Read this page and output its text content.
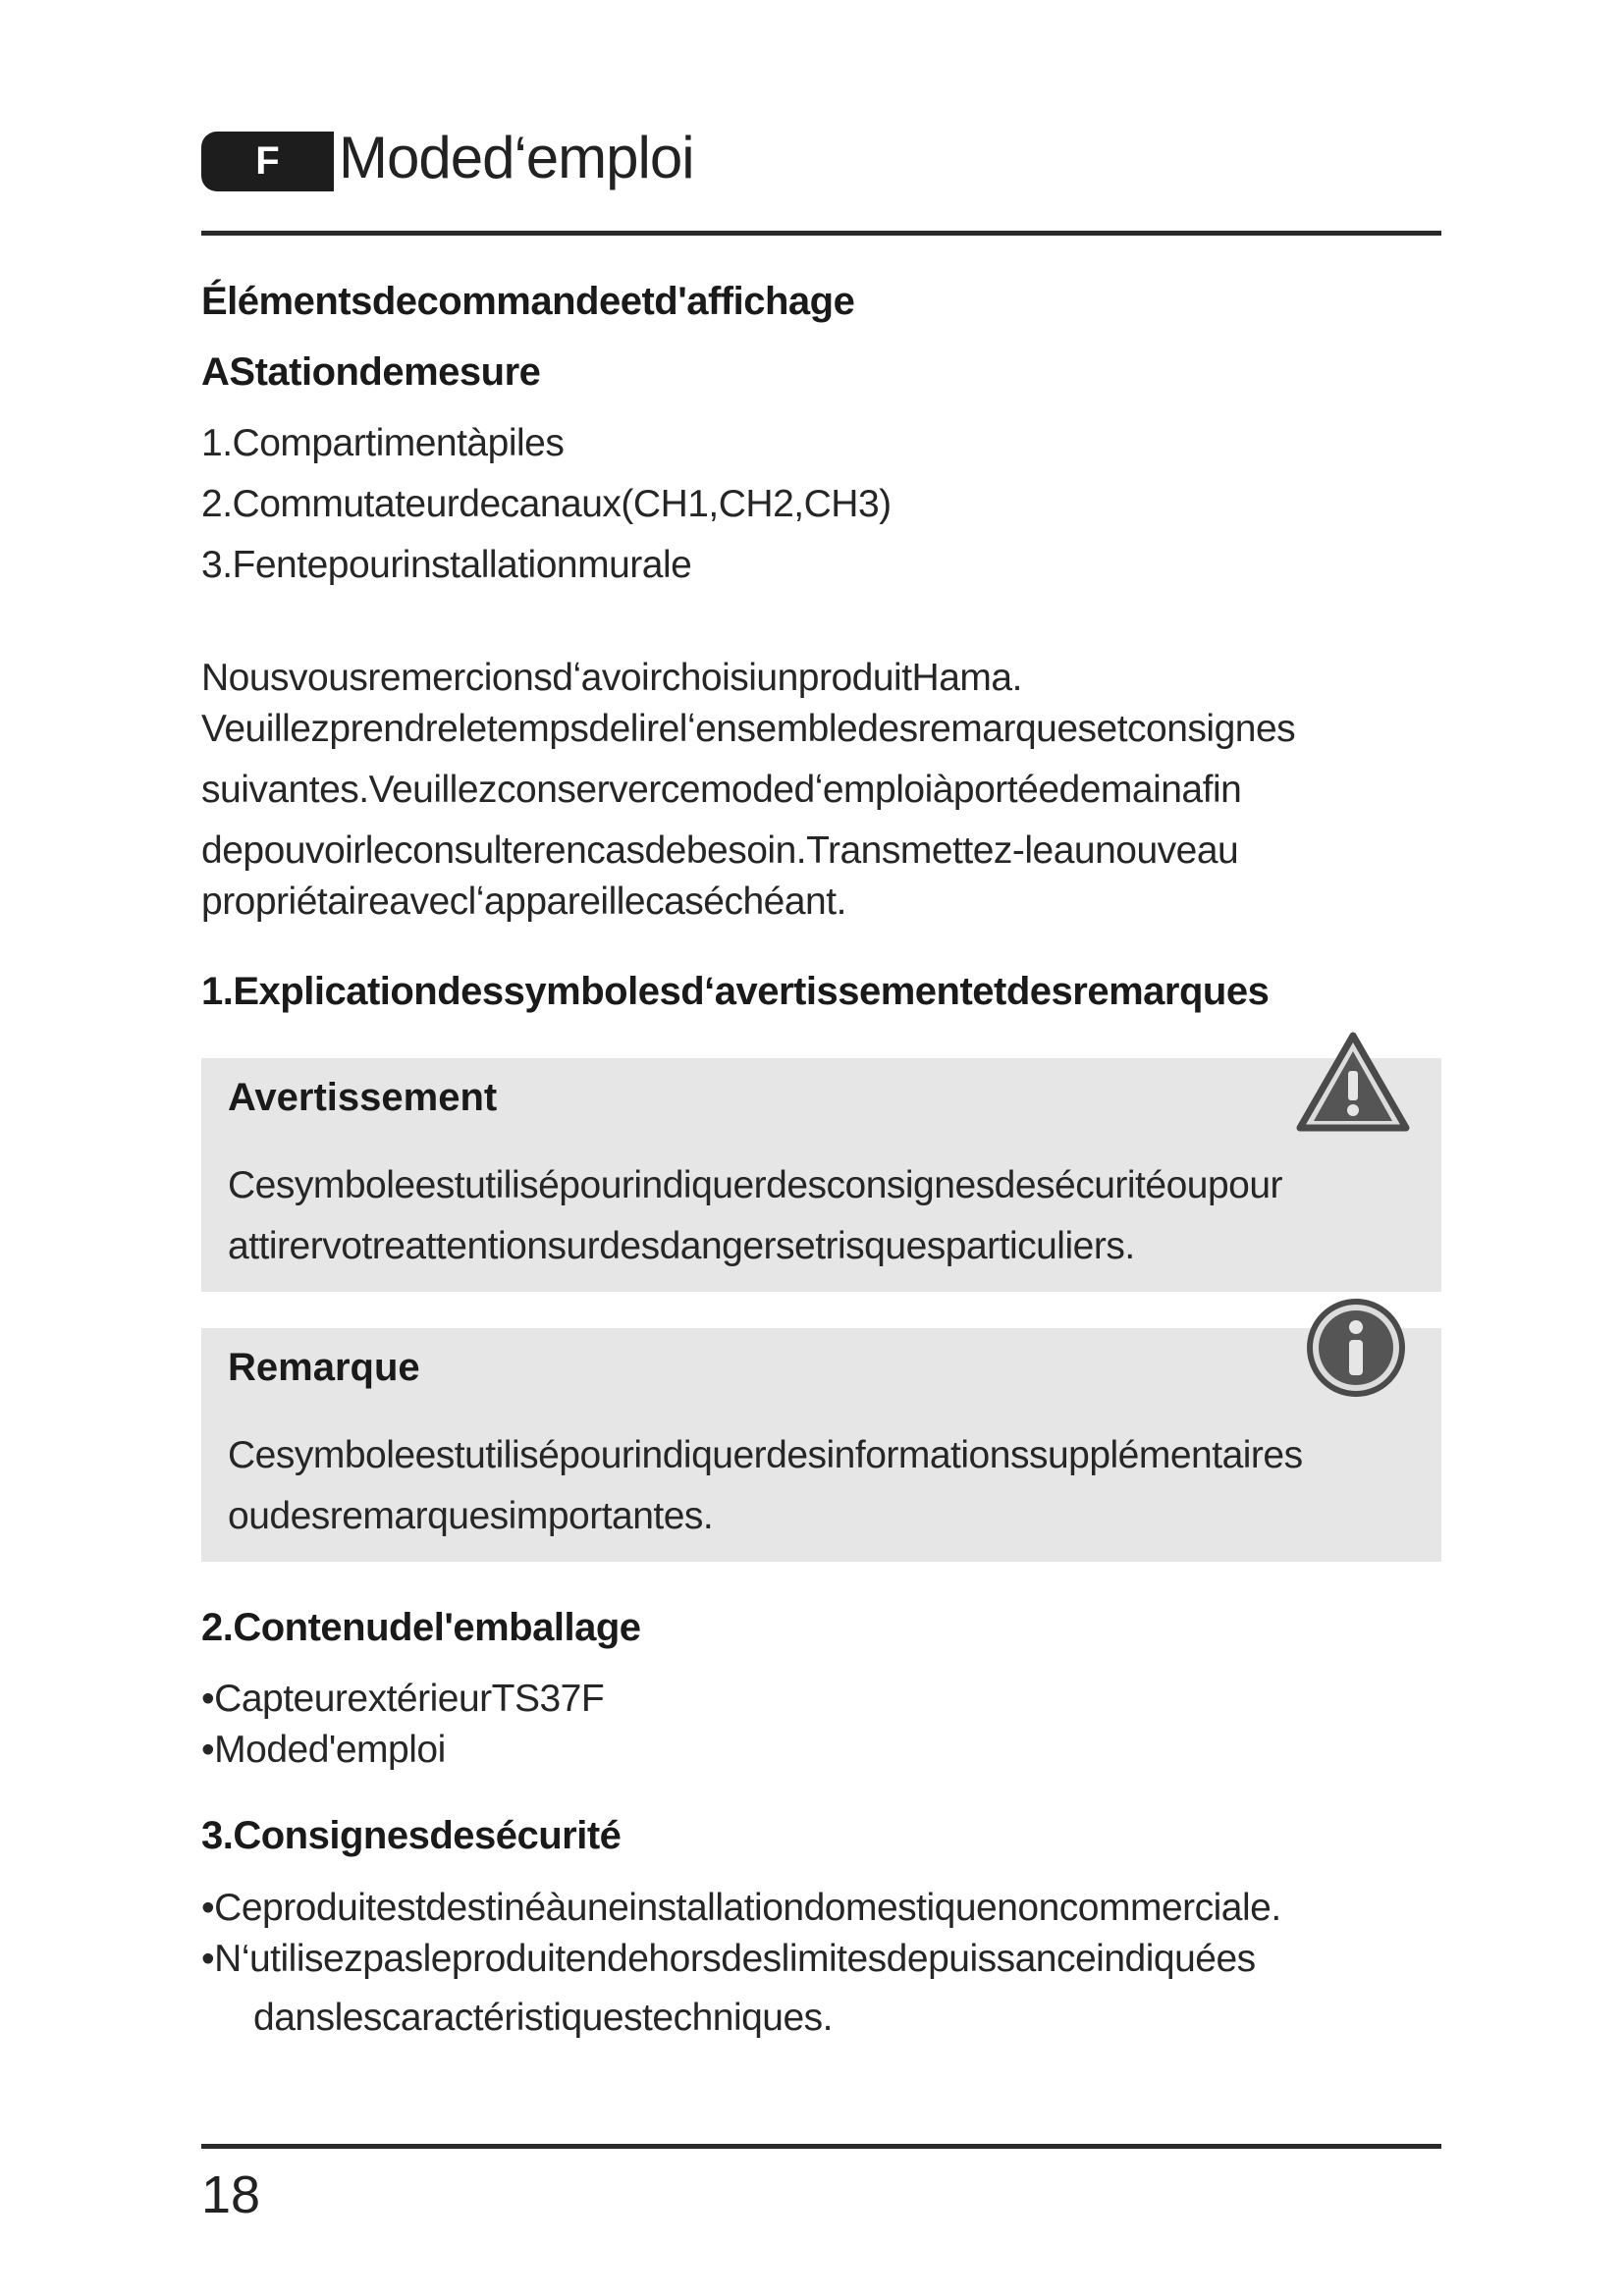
F	Moded‘emploi
Élémentsdecommandeetd'affichage
AStationdemesure

1.Compartimentàpiles

2.Commutateurdecanaux(CH1,CH2,CH3)

3.Fentepourinstallationmurale

NousvousremercionsdʻavoirchoisiunproduitHama.

Veuillezprendreletempsdelirelʻensembledesremarquesetconsignes

suivantes.Veuillezconservercemodedʻemploiàportéedemainafin

depouvoirleconsulterencasdebesoin.Transmettez-leaunouveau

propriétaireaveclʻappareillecaséchéant.

1.Explicationdessymbolesd‘avertissementetdesremarques
Avertissement

Cesymboleestutilisépourindiquerdesconsignesdesécuritéoupour

attirervotreattentionsurdesdangersetrisquesparticuliers.

Remarque

Cesymboleestutilisépourindiquerdesinformationssupplémentaires

oudesremarquesimportantes.

2.Contenudel'emballage

•CapteurextérieurTS37F

•Moded'emploi

3.Consignesdesécurité

•Ceproduitestdestinéàuneinstallationdomestiquenoncommerciale.

•N‘utilisezpasleproduitendehorsdeslimitesdepuissanceindiquées

danslescaractéristiquestechniques.

18
